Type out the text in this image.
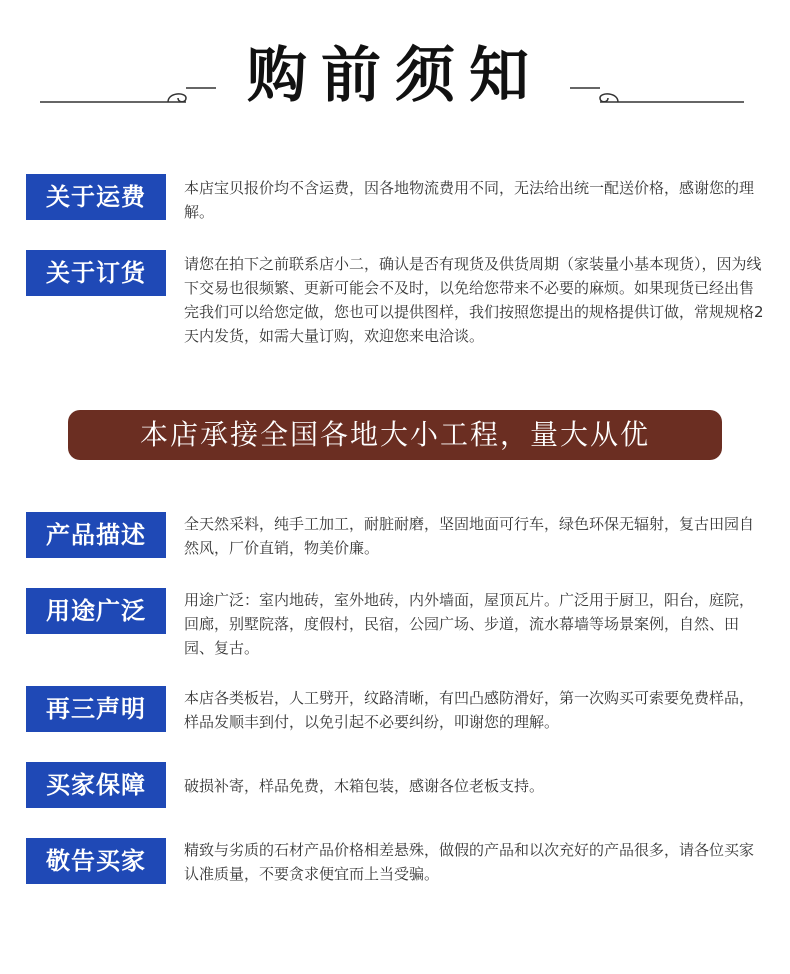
购前须知
关于运费	本店宝贝报价均不含运费，因各地物流费用不同，无法给出统一配送价格，感谢您的理解。
关于订货	请您在拍下之前联系店小二，确认是否有现货及供货周期（家装量小基本现货），因为线下交易也很频繁、更新可能会不及时，以免给您带来不必要的麻烦。如果现货已经出售完我们可以给您定做，您也可以提供图样，我们按照您提出的规格提供订做，常规规格2天内发货，如需大量订购，欢迎您来电洽谈。
本店承接全国各地大小工程，量大从优
产品描述	全天然采料，纯手工加工，耐脏耐磨，坚固地面可行车，绿色环保无辐射，复古田园自然风，厂价直销，物美价廉。
用途广泛	用途广泛：室内地砖，室外地砖，内外墙面，屋顶瓦片。广泛用于厨卫，阳台，庭院，回廊，别墅院落，度假村，民宿，公园广场、步道，流水幕墙等场景案例，自然、田园、复古。
再三声明	本店各类板岩，人工劈开，纹路清晰，有凹凸感防滑好，第一次购买可索要免费样品，样品发顺丰到付，以免引起不必要纠纷，叩谢您的理解。
买家保障	破损补寄，样品免费，木箱包装，感谢各位老板支持。
敬告买家	精致与劣质的石材产品价格相差悬殊，做假的产品和以次充好的产品很多，请各位买家认准质量，不要贪求便宜而上当受骗。
